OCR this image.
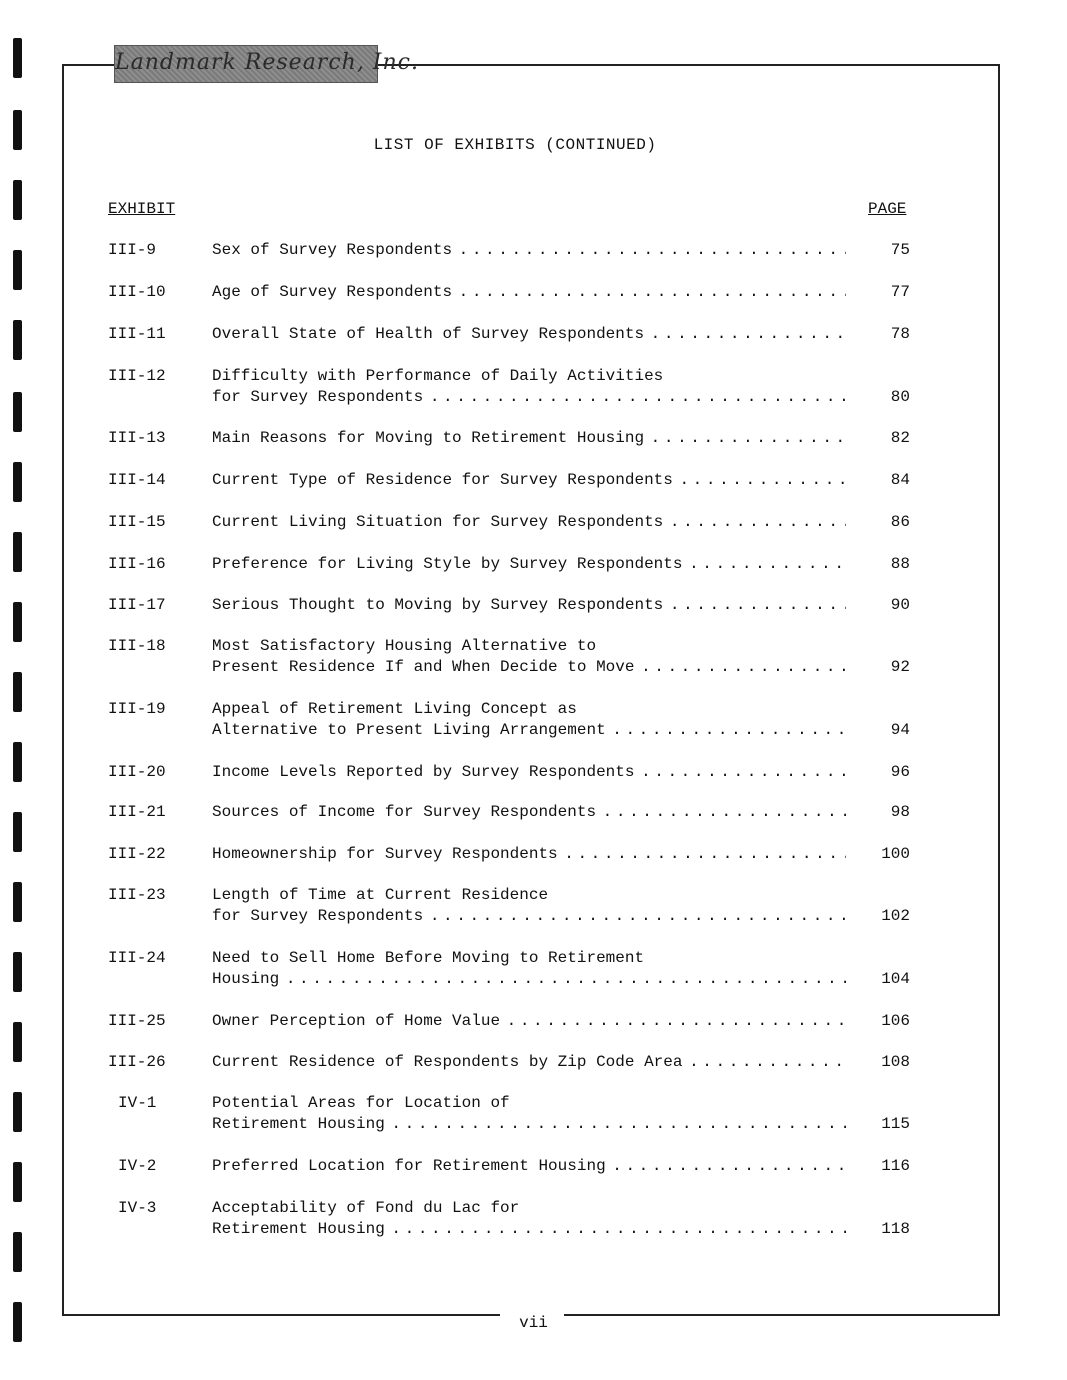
Landmark Research, Inc.
LIST OF EXHIBITS (CONTINUED)
EXHIBIT	PAGE
III-9	Sex of Survey Respondents . . .	75
III-10	Age of Survey Respondents . . .	77
III-11	Overall State of Health of Survey Respondents . . .	78
III-12	Difficulty with Performance of Daily Activities
for Survey Respondents . . .	80
III-13	Main Reasons for Moving to Retirement Housing . . .	82
III-14	Current Type of Residence for Survey Respondents . . .	84
III-15	Current Living Situation for Survey Respondents . . .	86
III-16	Preference for Living Style by Survey Respondents . . .	88
III-17	Serious Thought to Moving by Survey Respondents . . .	90
III-18	Most Satisfactory Housing Alternative to
Present Residence If and When Decide to Move . . .	92
III-19	Appeal of Retirement Living Concept as
Alternative to Present Living Arrangement . . .	94
III-20	Income Levels Reported by Survey Respondents . . .	96
III-21	Sources of Income for Survey Respondents . . .	98
III-22	Homeownership for Survey Respondents . . .	100
III-23	Length of Time at Current Residence
for Survey Respondents . . .	102
III-24	Need to Sell Home Before Moving to Retirement
Housing . . .	104
III-25	Owner Perception of Home Value . . .	106
III-26	Current Residence of Respondents by Zip Code Area . . .	108
IV-1	Potential Areas for Location of
Retirement Housing . . .	115
IV-2	Preferred Location for Retirement Housing . . .	116
IV-3	Acceptability of Fond du Lac for
Retirement Housing . . .	118
vii
